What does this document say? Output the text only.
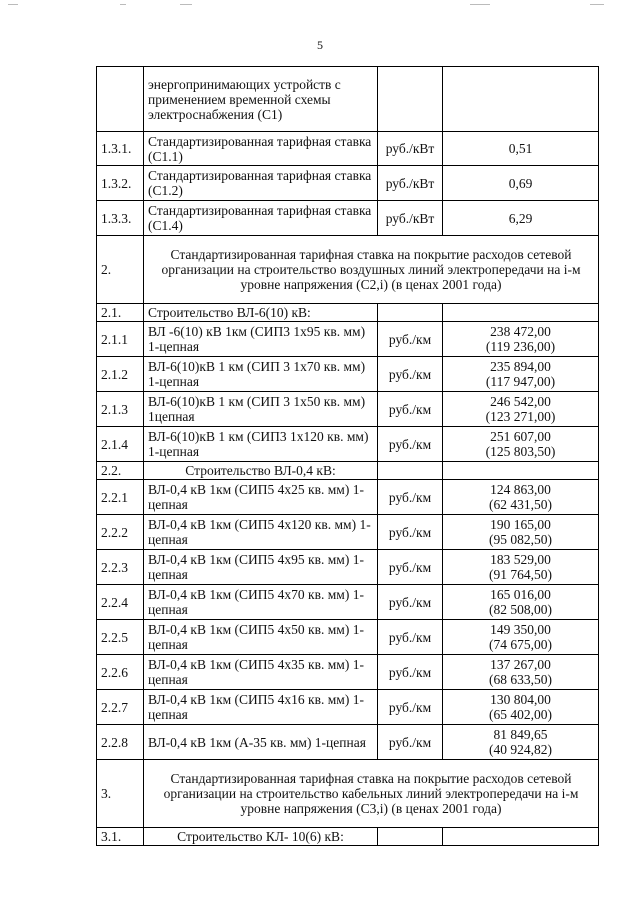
5
	энергопринимающих устройств с применением временной схемы электроснабжения (С1)		

1.3.1.	Стандартизированная тарифная ставка (С1.1)	руб./кВт	0,51

1.3.2.	Стандартизированная тарифная ставка (С1.2)	руб./кВт	0,69

1.3.3.	Стандартизированная тарифная ставка (С1.4)	руб./кВт	6,29

2.	Стандартизированная тарифная ставка на покрытие расходов сетевой организации на строительство воздушных линий электропередачи на i-м уровне напряжения (С2,i) (в ценах 2001 года)		
2.1.	Строительство ВЛ-6(10) кВ:		
2.1.1	ВЛ -6(10) кВ 1км (СИП3 1х95 кв. мм) 1-цепная	руб./км	238 472,00
(119 236,00)

2.1.2	ВЛ-6(10)кВ 1 км (СИП 3 1х70 кв. мм) 1-цепная	руб./км	235 894,00
(117 947,00)

2.1.3	ВЛ-6(10)кВ 1 км (СИП 3 1х50 кв. мм) 1цепная	руб./км	246 542,00
(123 271,00)

2.1.4	ВЛ-6(10)кВ 1 км (СИП3 1х120 кв. мм) 1-цепная	руб./км	251 607,00
(125 803,50)

2.2.	Строительство ВЛ-0,4 кВ:		
2.2.1	ВЛ-0,4 кВ 1км (СИП5 4х25 кв. мм) 1- цепная	руб./км	124 863,00
(62 431,50)

2.2.2	ВЛ-0,4 кВ 1км (СИП5 4х120 кв. мм) 1- цепная	руб./км	190 165,00
(95 082,50)

2.2.3	ВЛ-0,4 кВ 1км (СИП5 4х95 кв. мм) 1- цепная	руб./км	183 529,00
(91 764,50)

2.2.4	ВЛ-0,4 кВ 1км (СИП5 4х70 кв. мм) 1- цепная	руб./км	165 016,00
(82 508,00)

2.2.5	ВЛ-0,4 кВ 1км (СИП5 4х50 кв. мм) 1- цепная	руб./км	149 350,00
(74 675,00)

2.2.6	ВЛ-0,4 кВ 1км (СИП5 4х35 кв. мм) 1- цепная	руб./км	137 267,00
(68 633,50)

2.2.7	ВЛ-0,4 кВ 1км (СИП5 4х16 кв. мм) 1- цепная	руб./км	130 804,00
(65 402,00)

2.2.8	ВЛ-0,4 кВ 1км (А-35 кв. мм) 1-цепная	руб./км	81 849,65
(40 924,82)

3.	Стандартизированная тарифная ставка на покрытие расходов сетевой организации на строительство кабельных линий электропередачи на i-м уровне напряжения (С3,i) (в ценах 2001 года)		
3.1.	Строительство КЛ- 10(6) кВ:		
